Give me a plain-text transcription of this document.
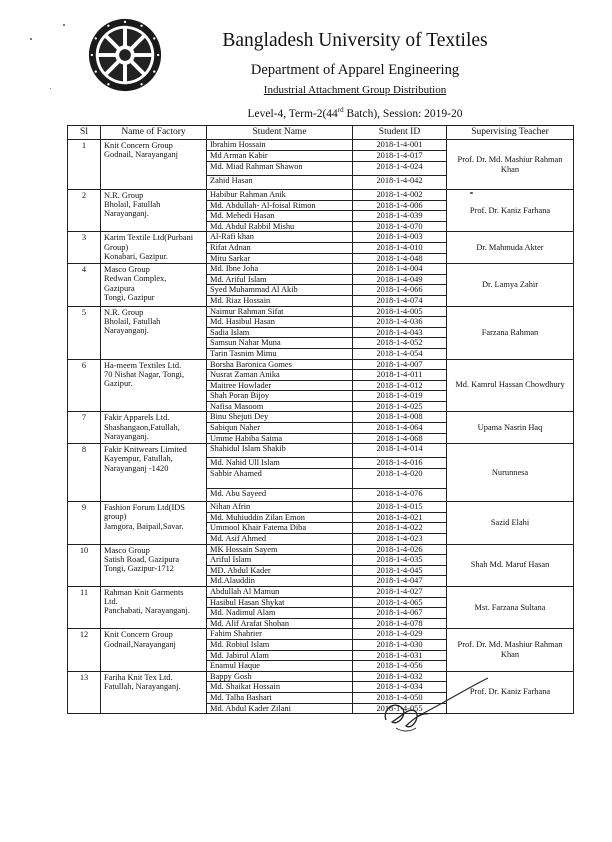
Bangladesh University of Textiles
Department of Apparel Engineering
Industrial Attachment Group Distribution
Level-4, Term-2(44rd Batch), Session: 2019-20
Sl	Name of Factory	Student Name	Student ID	Supervising Teacher
1	Knit Concern Group
Godnail, Narayanganj	Ibrahim Hossain	2018-1-4-001	Prof. Dr. Md. Mashiur Rahman Khan
		Md Arman Kabir	2018-1-4-017	
		Md. Miad Rahman Shawon	2018-1-4-024	
		Zahid Hasan	2018-1-4-042	
2	N.R. Group
Bholail, Fatullah
Narayanganj.	Habibur Rahman Anik	2018-1-4-002	Prof. Dr. Kaniz Farhana
		Md. Abdullah- Al-foisal Rimon	2018-1-4-006	
		Md. Mehedi Hasan	2018-1-4-039	
		Md. Abdul Rabbil Mishu	2018-1-4-070	
3	Karim Textile Ltd(Purbani
Group)
Konabari, Gazipur.	Al-Rafi khan	2018-1-4-003	Dr. Mahmuda Akter
		Rifat Adnan	2018-1-4-010	
		Mitu Sarkar	2018-1-4-048	
4	Masco Group
Redwan Complex,
Gazipura
Tongi, Gazipur	Md. Ibne Joha	2018-1-4-004	Dr. Lamya Zahir
		Md. Ariful Islam	2018-1-4-049	
		Syed Muhammad Al Akib	2018-1-4-066	
		Md. Riaz Hossain	2018-1-4-074	
5	N.R. Group
Bholail, Fatullah
Narayanganj.	Naimur Rahman Sifat	2018-1-4-005	Farzana Rahman
		Md. Hasibul Hasan	2018-1-4-036	
		Sadia Islam	2018-1-4-043	
		Samsun Nahar Muna	2018-1-4-052	
		Tarin Tasnim Mimu	2018-1-4-054	
6	Ha-meem Textiles Ltd.
70 Nishat Nagar, Tongi,
Gazipur.	Borsha Baronica Gomes	2018-1-4-007	Md. Kamrul Hassan Chowdhury
		Nusrat Zaman Anika	2018-1-4-011	
		Maitree Howlader	2018-1-4-012	
		Shah Poran Bijoy	2018-1-4-019	
		Nafisa Masoom	2018-1-4-025	
7	Fakir Apparels Ltd.
Shashangaon,Fatullah,
Narayanganj.	Binu Shejuti Dey	2018-1-4-008	Upama Nasrin Haq
		Sabiqun Naher	2018-1-4-064	
		Umme Habiba Saima	2018-1-4-068	
8	Fakir Knitwears Limited
Kayempur, Fatullah,
Narayanganj -1420	Shahidul Islam Shakib	2018-1-4-014	Nurunnesa
		Md. Nahid Ull Islam	2018-1-4-016	
		Sabbir Ahamed	2018-1-4-020	
		Md. Abu Sayeed	2018-1-4-076	
9	Fashion Forum Ltd(IDS
group)
Jamgora, Baipail,Savar.	Nihan Afrin	2018-1-4-015	Sazid Elahi
		Md. Muhiuddin Zilan Emon	2018-1-4-021	
		Ummool Khair Fatema Diba	2018-1-4-022	
		Md. Asif Ahmed	2018-1-4-023	
10	Masco Group
Satish Road, Gazipura
Tongi, Gazipur-1712	MK Hossain Sayem	2018-1-4-026	Shah Md. Maruf Hasan
		Ariful Islam	2018-1-4-035	
		MD. Abdul Kader	2018-1-4-045	
		Md.Alauddin	2018-1-4-047	
11	Rahman Knit Garments
Ltd.
Panchabati, Narayanganj.	Abdullah Al Mamun	2018-1-4-027	Mst. Farzana Sultana
		Hasibul Hasan Shykat	2018-1-4-065	
		Md. Nadimul Alam	2018-1-4-067	
		Md. Alif Arafat Shohan	2018-1-4-078	
12	Knit Concern Group
Godnail,Narayanganj	Fahim Shahrier	2018-1-4-029	Prof. Dr. Md. Mashiur Rahman Khan
		Md. Robiul Islam	2018-1-4-030	
		Md. Jabirul Alam	2018-1-4-031	
		Enamul Haque	2018-1-4-056	
13	Fariha Knit Tex Ltd.
Fatullah, Narayanganj.	Bappy Gosh	2018-1-4-032	Prof. Dr. Kaniz Farhana
		Md. Shaikat Hossain	2018-1-4-034	
		Md. Talha Bashari	2018-1-4-050	
		Md. Abdul Kader Zilani	2018-1-4-055	
